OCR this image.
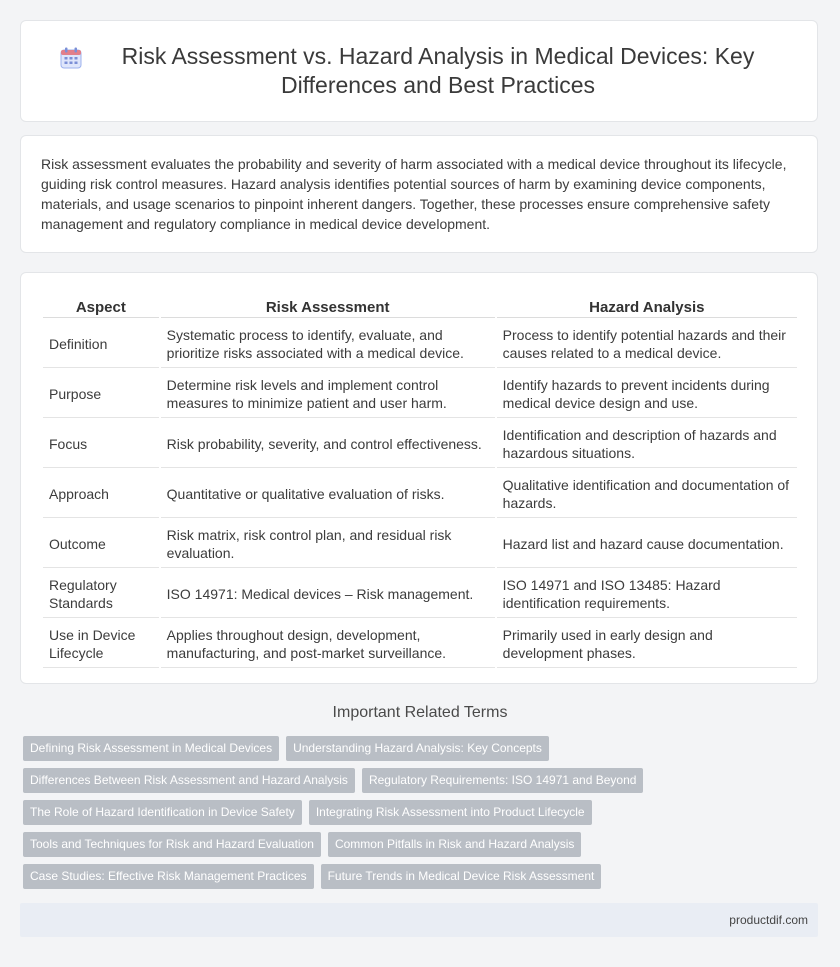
Risk Assessment vs. Hazard Analysis in Medical Devices: Key Differences and Best Practices

Risk assessment evaluates the probability and severity of harm associated with a medical device throughout its lifecycle, guiding risk control measures. Hazard analysis identifies potential sources of harm by examining device components, materials, and usage scenarios to pinpoint inherent dangers. Together, these processes ensure comprehensive safety management and regulatory compliance in medical device development.

Aspect	Risk Assessment	Hazard Analysis
Definition	Systematic process to identify, evaluate, and prioritize risks associated with a medical device.	Process to identify potential hazards and their causes related to a medical device.
Purpose	Determine risk levels and implement control measures to minimize patient and user harm.	Identify hazards to prevent incidents during medical device design and use.
Focus	Risk probability, severity, and control effectiveness.	Identification and description of hazards and hazardous situations.
Approach	Quantitative or qualitative evaluation of risks.	Qualitative identification and documentation of hazards.
Outcome	Risk matrix, risk control plan, and residual risk evaluation.	Hazard list and hazard cause documentation.
Regulatory Standards	ISO 14971: Medical devices – Risk management.	ISO 14971 and ISO 13485: Hazard identification requirements.
Use in Device Lifecycle	Applies throughout design, development, manufacturing, and post-market surveillance.	Primarily used in early design and development phases.
Important Related Terms
Defining Risk Assessment in Medical Devices	Understanding Hazard Analysis: Key Concepts
Differences Between Risk Assessment and Hazard Analysis	Regulatory Requirements: ISO 14971 and Beyond
The Role of Hazard Identification in Device Safety	Integrating Risk Assessment into Product Lifecycle
Tools and Techniques for Risk and Hazard Evaluation	Common Pitfalls in Risk and Hazard Analysis
Case Studies: Effective Risk Management Practices	Future Trends in Medical Device Risk Assessment
productdif.com
